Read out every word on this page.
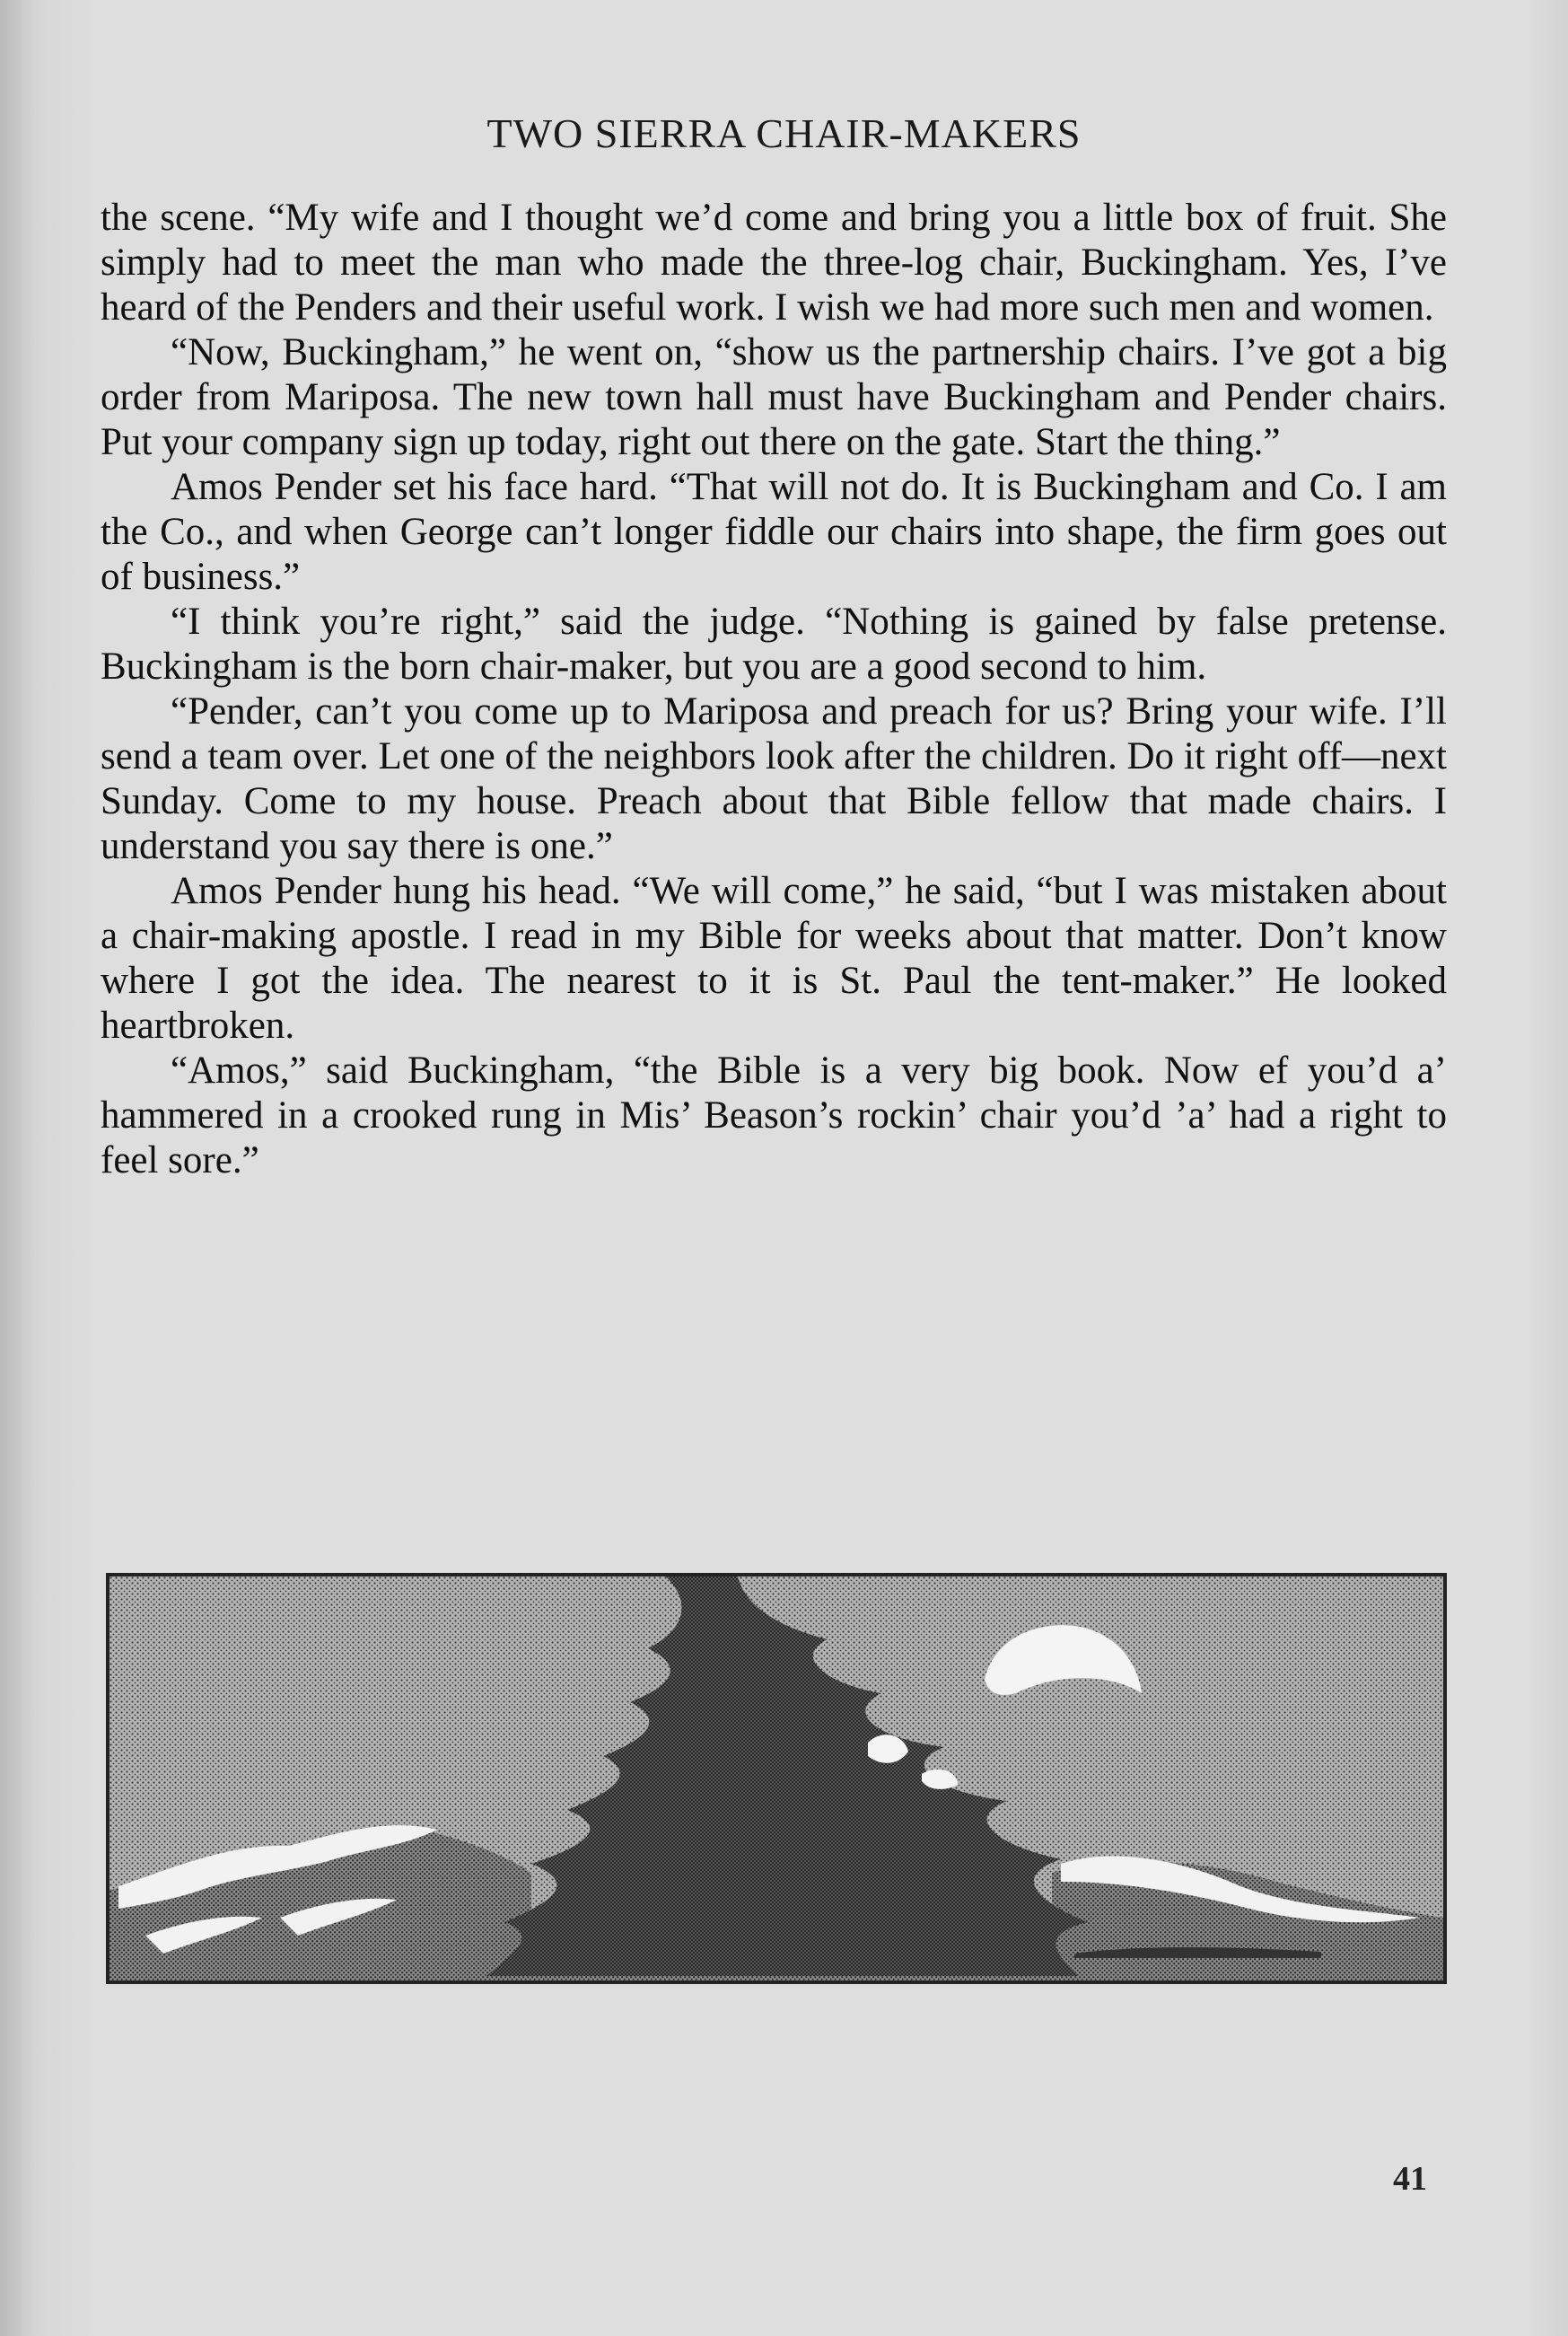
TWO SIERRA CHAIR-MAKERS

the scene. “My wife and I thought we’d come and bring you a little box of fruit. She simply had to meet the man who made the three-log chair, Buckingham. Yes, I’ve heard of the Penders and their useful work. I wish we had more such men and women.

“Now, Buckingham,” he went on, “show us the partnership chairs. I’ve got a big order from Mariposa. The new town hall must have Buckingham and Pender chairs. Put your company sign up today, right out there on the gate. Start the thing.”

Amos Pender set his face hard. “That will not do. It is Buckingham and Co. I am the Co., and when George can’t longer fiddle our chairs into shape, the firm goes out of business.”

“I think you’re right,” said the judge. “Nothing is gained by false pretense. Buckingham is the born chair-maker, but you are a good second to him.

“Pender, can’t you come up to Mariposa and preach for us? Bring your wife. I’ll send a team over. Let one of the neighbors look after the children. Do it right off—next Sunday. Come to my house. Preach about that Bible fellow that made chairs. I understand you say there is one.”

Amos Pender hung his head. “We will come,” he said, “but I was mistaken about a chair-making apostle. I read in my Bible for weeks about that matter. Don’t know where I got the idea. The nearest to it is St. Paul the tent-maker.” He looked heartbroken.

“Amos,” said Buckingham, “the Bible is a very big book. Now ef you’d a’ hammered in a crooked rung in Mis’ Beason’s rockin’ chair you’d ’a’ had a right to feel sore.”

41
